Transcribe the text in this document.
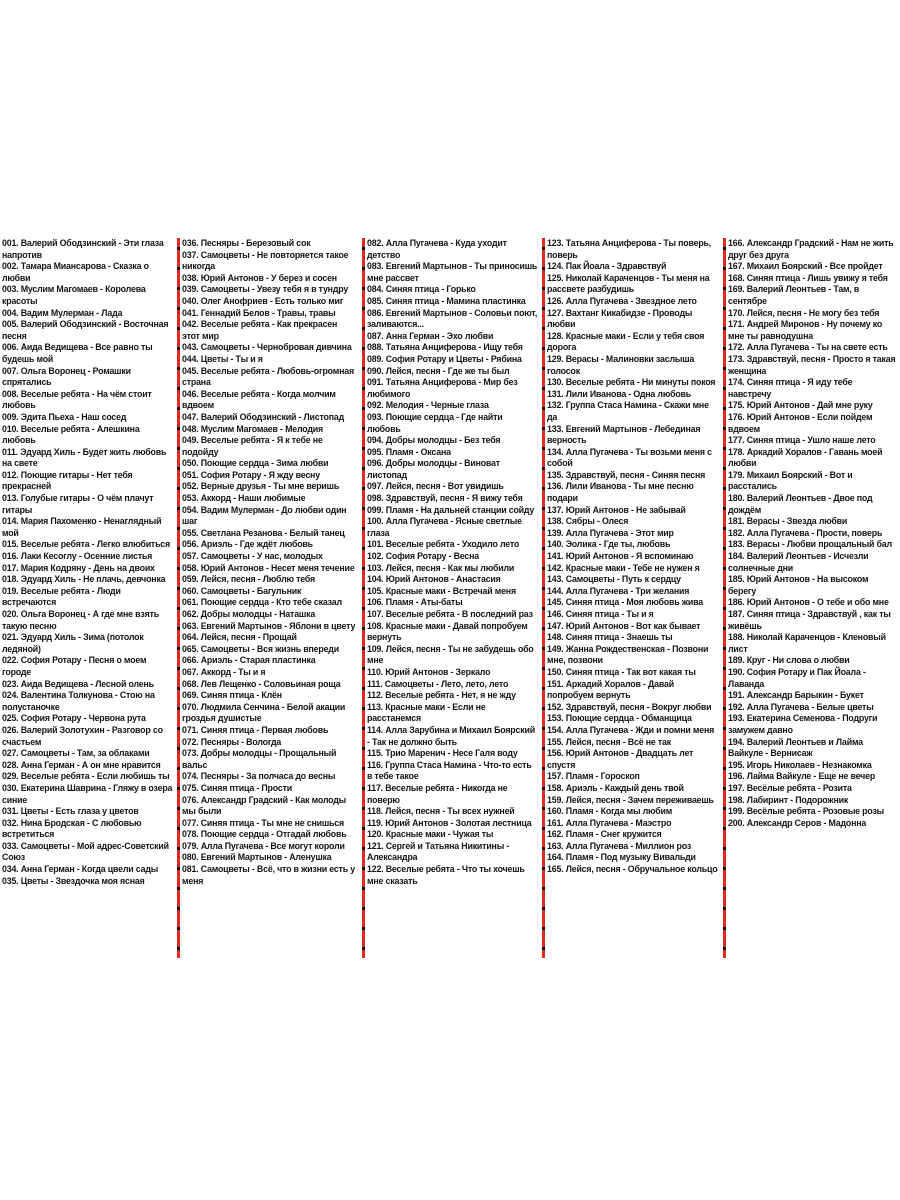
001. Валерий Ободзинский - Эти глаза напротив
002. Тамара Миансарова - Сказка о любви
003. Муслим Магомаев - Королева красоты
004. Вадим Мулерман - Лада
005. Валерий Ободзинский - Восточная песня
006. Аида Ведищева - Все равно ты будешь мой
007. Ольга Воронец - Ромашки спрятались
008. Веселые ребята - На чём стоит любовь
009. Эдита Пьеха - Наш сосед
010. Веселые ребята - Алешкина любовь
011. Эдуард Хиль - Будет жить любовь на свете
012. Поющие гитары - Нет тебя прекрасней
013. Голубые гитары - О чём плачут гитары
014. Мария Пахоменко - Ненаглядный мой
015. Веселые ребята - Легко влюбиться
016. Лаки Кесоглу - Осенние листья
017. Мария Кодряну - День на двоих
018. Эдуард Хиль - Не плачь, девчонка
019. Веселые ребята - Люди встречаются
020. Ольга Воронец - А где мне взять такую песню
021. Эдуард Хиль - Зима (потолок ледяной)
022. София Ротару - Песня о моем городе
023. Аида Ведищева - Лесной олень
024. Валентина Толкунова - Стою на полустаночке
025. София Ротару - Червона рута
026. Валерий Золотухин - Разговор со счастьем
027. Самоцветы - Там, за облаками
028. Анна Герман - А он мне нравится
029. Веселые ребята - Если любишь ты
030. Екатерина Шаврина - Гляжу в озера синие
031. Цветы - Есть глаза у цветов
032. Нина Бродская - С любовью встретиться
033. Самоцветы - Мой адрес-Советский Союз
034. Анна Герман - Когда цвели сады
035. Цветы - Звездочка моя ясная
036. Песняры - Березовый сок
037. Самоцветы - Не повторяется такое никогда
038. Юрий Антонов - У берез и сосен
039. Самоцветы - Увезу тебя я в тундру
040. Олег Анофриев - Есть только миг
041. Геннадий Белов - Травы, травы
042. Веселые ребята - Как прекрасен этот мир
043. Самоцветы - Чернобровая дивчина
044. Цветы - Ты и я
045. Веселые ребята - Любовь-огромная страна
046. Веселые ребята - Когда молчим вдвоем
047. Валерий Ободзинский - Листопад
048. Муслим Магомаев - Мелодия
049. Веселые ребята - Я к тебе не подойду
050. Поющие сердца - Зима любви
051. София Ротару - Я жду весну
052. Верные друзья - Ты мне веришь
053. Аккорд - Наши любимые
054. Вадим Мулерман - До любви один шаг
055. Светлана Резанова - Белый танец
056. Ариэль - Где ждёт любовь
057. Самоцветы - У нас, молодых
058. Юрий Антонов - Несет меня течение
059. Лейся, песня - Люблю тебя
060. Самоцветы - Багульник
061. Поющие сердца - Кто тебе сказал
062. Добры молодцы - Наташка
063. Евгений Мартынов - Яблони в цвету
064. Лейся, песня - Прощай
065. Самоцветы - Вся жизнь впереди
066. Ариэль - Старая пластинка
067. Аккорд - Ты и я
068. Лев Лещенко - Соловьиная роща
069. Синяя птица - Клён
070. Людмила Сенчина - Белой акации гроздья душистые
071. Синяя птица - Первая любовь
072. Песняры - Вологда
073. Добры молодцы - Прощальный вальс
074. Песняры - За полчаса до весны
075. Синяя птица - Прости
076. Александр Градский - Как молоды мы были
077. Синяя птица - Ты мне не снишься
078. Поющие сердца - Отгадай любовь
079. Алла Пугачева - Все могут короли
080. Евгений Мартынов - Аленушка
081. Самоцветы - Всё, что в жизни есть у меня
082. Алла Пугачева - Куда уходит детство
083. Евгений Мартынов - Ты приносишь мне рассвет
084. Синяя птица - Горько
085. Синяя птица - Мамина пластинка
086. Евгений Мартынов - Соловьи поют, заливаются...
087. Анна Герман - Эхо любви
088. Татьяна Анциферова - Ищу тебя
089. София Ротару и Цветы - Рябина
090. Лейся, песня - Где же ты был
091. Татьяна Анциферова - Мир без любимого
092. Мелодия - Черные глаза
093. Поющие сердца - Где найти любовь
094. Добры молодцы - Без тебя
095. Пламя - Оксана
096. Добры молодцы - Виноват листопад
097. Лейся, песня - Вот увидишь
098. Здравствуй, песня - Я вижу тебя
099. Пламя - На дальней станции сойду
100. Алла Пугачева - Ясные светлые глаза
101. Веселые ребята - Уходило лето
102. София Ротару - Весна
103. Лейся, песня - Как мы любили
104. Юрий Антонов - Анастасия
105. Красные маки - Встречай меня
106. Пламя - Аты-баты
107. Веселые ребята - В последний раз
108. Красные маки - Давай попробуем вернуть
109. Лейся, песня - Ты не забудешь обо мне
110. Юрий Антонов - Зеркало
111. Самоцветы - Лето, лето, лето
112. Веселые ребята - Нет, я не жду
113. Красные маки - Если не расстанемся
114. Алла Зарубина и Михаил Боярский - Так не должно быть
115. Трио Маренич - Несе Галя воду
116. Группа Стаса Намина - Что-то есть в тебе такое
117. Веселые ребята - Никогда не поверю
118. Лейся, песня - Ты всех нужней
119. Юрий Антонов - Золотая лестница
120. Красные маки - Чужая ты
121. Сергей и Татьяна Никитины - Александра
122. Веселые ребята - Что ты хочешь мне сказать
123. Татьяна Анциферова - Ты поверь, поверь
124. Пак Йоала - Здравствуй
125. Николай Караченцов - Ты меня на рассвете разбудишь
126. Алла Пугачева - Звездное лето
127. Вахтанг Кикабидзе - Проводы любви
128. Красные маки - Если у тебя своя дорога
129. Верасы - Малиновки заслыша голосок
130. Веселые ребята - Ни минуты покоя
131. Лили Иванова - Одна любовь
132. Группа Стаса Намина - Скажи мне да
133. Евгений Мартынов - Лебединая верность
134. Алла Пугачева - Ты возьми меня с собой
135. Здравствуй, песня - Синяя песня
136. Лили Иванова - Ты мне песню подари
137. Юрий Антонов - Не забывай
138. Сябры - Олеся
139. Алла Пугачева - Этот мир
140. Эолика - Где ты, любовь
141. Юрий Антонов - Я вспоминаю
142. Красные маки - Тебе не нужен я
143. Самоцветы - Путь к сердцу
144. Алла Пугачева - Три желания
145. Синяя птица - Моя любовь жива
146. Синяя птица - Ты и я
147. Юрий Антонов - Вот как бывает
148. Синяя птица - Знаешь ты
149. Жанна Рождественская - Позвони мне, позвони
150. Синяя птица - Так вот какая ты
151. Аркадий Хоралов - Давай попробуем вернуть
152. Здравствуй, песня - Вокруг любви
153. Поющие сердца - Обманщица
154. Алла Пугачева - Жди и помни меня
155. Лейся, песня - Всё не так
156. Юрий Антонов - Двадцать лет спустя
157. Пламя - Гороскоп
158. Ариэль - Каждый день твой
159. Лейся, песня - Зачем переживаешь
160. Пламя - Когда мы любим
161. Алла Пугачева - Маэстро
162. Пламя - Снег кружится
163. Алла Пугачева - Миллион роз
164. Пламя - Под музыку Вивальди
165. Лейся, песня - Обручальное кольцо
166. Александр Градский - Нам не жить друг без друга
167. Михаил Боярский - Все пройдет
168. Синяя птица - Лишь увижу я тебя
169. Валерий Леонтьев - Там, в сентябре
170. Лейся, песня - Не могу без тебя
171. Андрей Миронов - Ну почему ко мне ты равнодушна
172. Алла Пугачева - Ты на свете есть
173. Здравствуй, песня - Просто я такая женщина
174. Синяя птица - Я иду тебе навстречу
175. Юрий Антонов - Дай мне руку
176. Юрий Антонов - Если пойдем вдвоем
177. Синяя птица - Ушло наше лето
178. Аркадий Хоралов - Гавань моей любви
179. Михаил Боярский - Вот и расстались
180. Валерий Леонтьев - Двое под дождём
181. Верасы - Звезда любви
182. Алла Пугачева - Прости, поверь
183. Верасы - Любви прощальный бал
184. Валерий Леонтьев - Исчезли солнечные дни
185. Юрий Антонов - На высоком берегу
186. Юрий Антонов - О тебе и обо мне
187. Синяя птица - Здравствуй , как ты живёшь
188. Николай Караченцов - Кленовый лист
189. Круг - Ни слова о любви
190. София Ротару и Пак Йоала - Лаванда
191. Александр Барыкин - Букет
192. Алла Пугачева - Белые цветы
193. Екатерина Семенова - Подруги замужем давно
194. Валерий Леонтьев и Лайма Вайкуле - Вернисаж
195. Игорь Николаев - Незнакомка
196. Лайма Вайкуле - Еще не вечер
197. Весёлые ребята - Розита
198. Лабиринт - Подорожник
199. Весёлые ребята - Розовые розы
200. Александр Серов - Мадонна
